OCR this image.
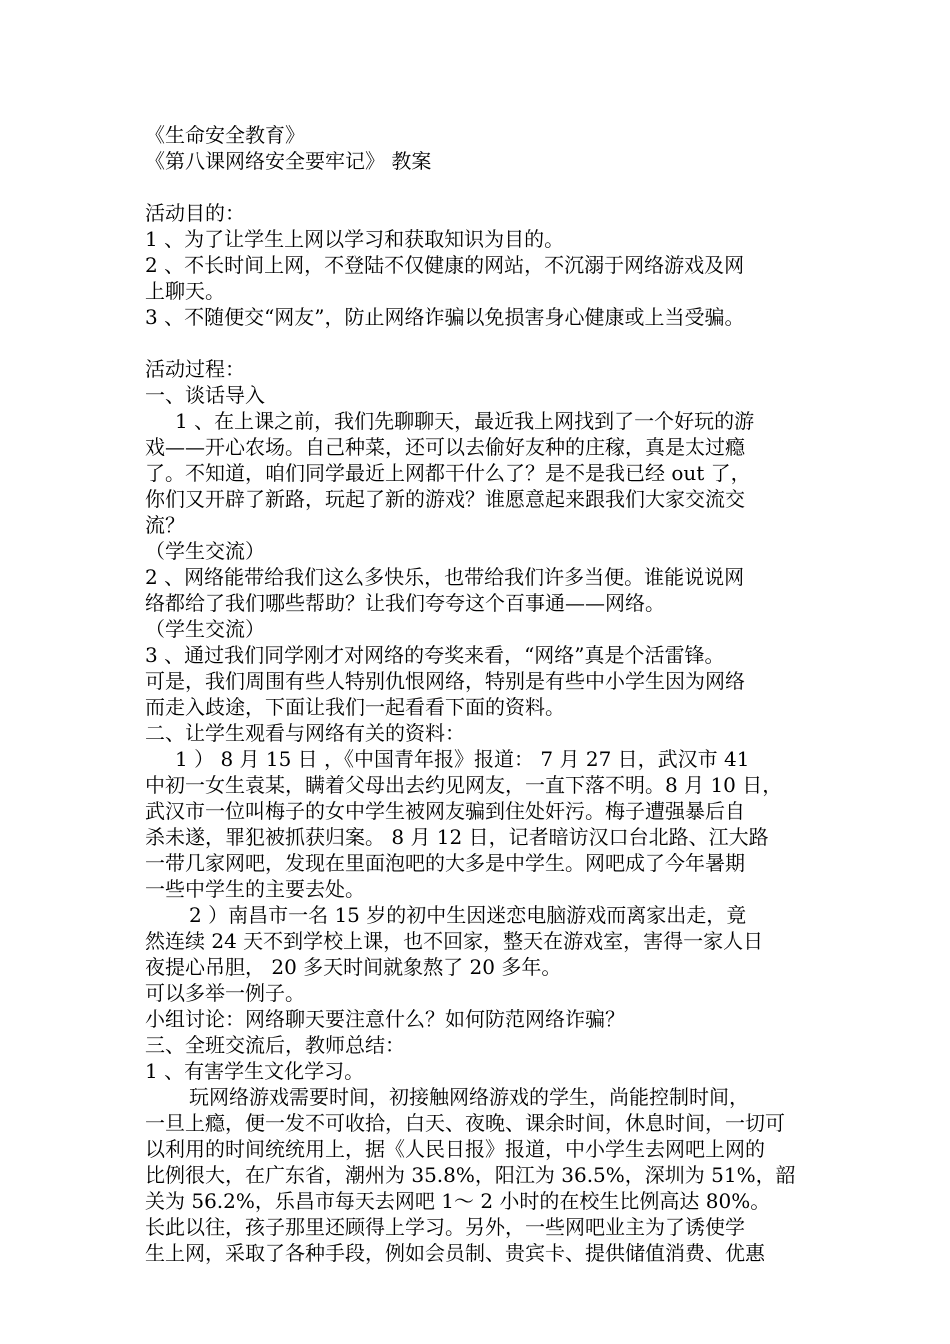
《生命安全教育》
《第八课网络安全要牢记》 教案
活动目的：
1 、为了让学生上网以学习和获取知识为目的。
2 、不长时间上网，不登陆不仅健康的网站，不沉溺于网络游戏及网
上聊天。
3 、不随便交“网友”，防止网络诈骗以免损害身心健康或上当受骗。
活动过程：
一、谈话导入
1 、在上课之前，我们先聊聊天，最近我上网找到了一个好玩的游
戏——开心农场。自己种菜，还可以去偷好友种的庄稼，真是太过瘾
了。不知道，咱们同学最近上网都干什么了？是不是我已经 out 了，
你们又开辟了新路，玩起了新的游戏？谁愿意起来跟我们大家交流交
流？
（学生交流）
2 、网络能带给我们这么多快乐，也带给我们许多当便。谁能说说网
络都给了我们哪些帮助？让我们夸夸这个百事通——网络。
（学生交流）
3 、通过我们同学刚才对网络的夸奖来看，“网络”真是个活雷锋。
可是，我们周围有些人特别仇恨网络，特别是有些中小学生因为网络
而走入歧途，下面让我们一起看看下面的资料。
二、让学生观看与网络有关的资料：
1 ） 8 月 15 日 ，《中国青年报》报道： 7 月 27 日，武汉市 41
中初一女生袁某，瞒着父母出去约见网友，一直下落不明。8 月 10 日，
武汉市一位叫梅子的女中学生被网友骗到住处奸污。梅子遭强暴后自
杀未遂，罪犯被抓获归案。 8 月 12 日，记者暗访汉口台北路、江大路
一带几家网吧，发现在里面泡吧的大多是中学生。网吧成了今年暑期
一些中学生的主要去处。
2 ）南昌市一名 15 岁的初中生因迷恋电脑游戏而离家出走，竟
然连续 24 天不到学校上课，也不回家，整天在游戏室，害得一家人日
夜提心吊胆， 20 多天时间就象熬了 20 多年。
可以多举一例子。
小组讨论：网络聊天要注意什么？如何防范网络诈骗？
三、全班交流后，教师总结：
1 、有害学生文化学习。
玩网络游戏需要时间，初接触网络游戏的学生，尚能控制时间，
一旦上瘾，便一发不可收拾，白天、夜晚、课余时间，休息时间，一切可
以利用的时间统统用上，据《人民日报》报道，中小学生去网吧上网的
比例很大，在广东省，潮州为 35.8%，阳江为 36.5%，深圳为 51%，韶
关为 56.2%，乐昌市每天去网吧 1～ 2 小时的在校生比例高达 80%。
长此以往，孩子那里还顾得上学习。另外，一些网吧业主为了诱使学
生上网，采取了各种手段，例如会员制、贵宾卡、提供储值消费、优惠
